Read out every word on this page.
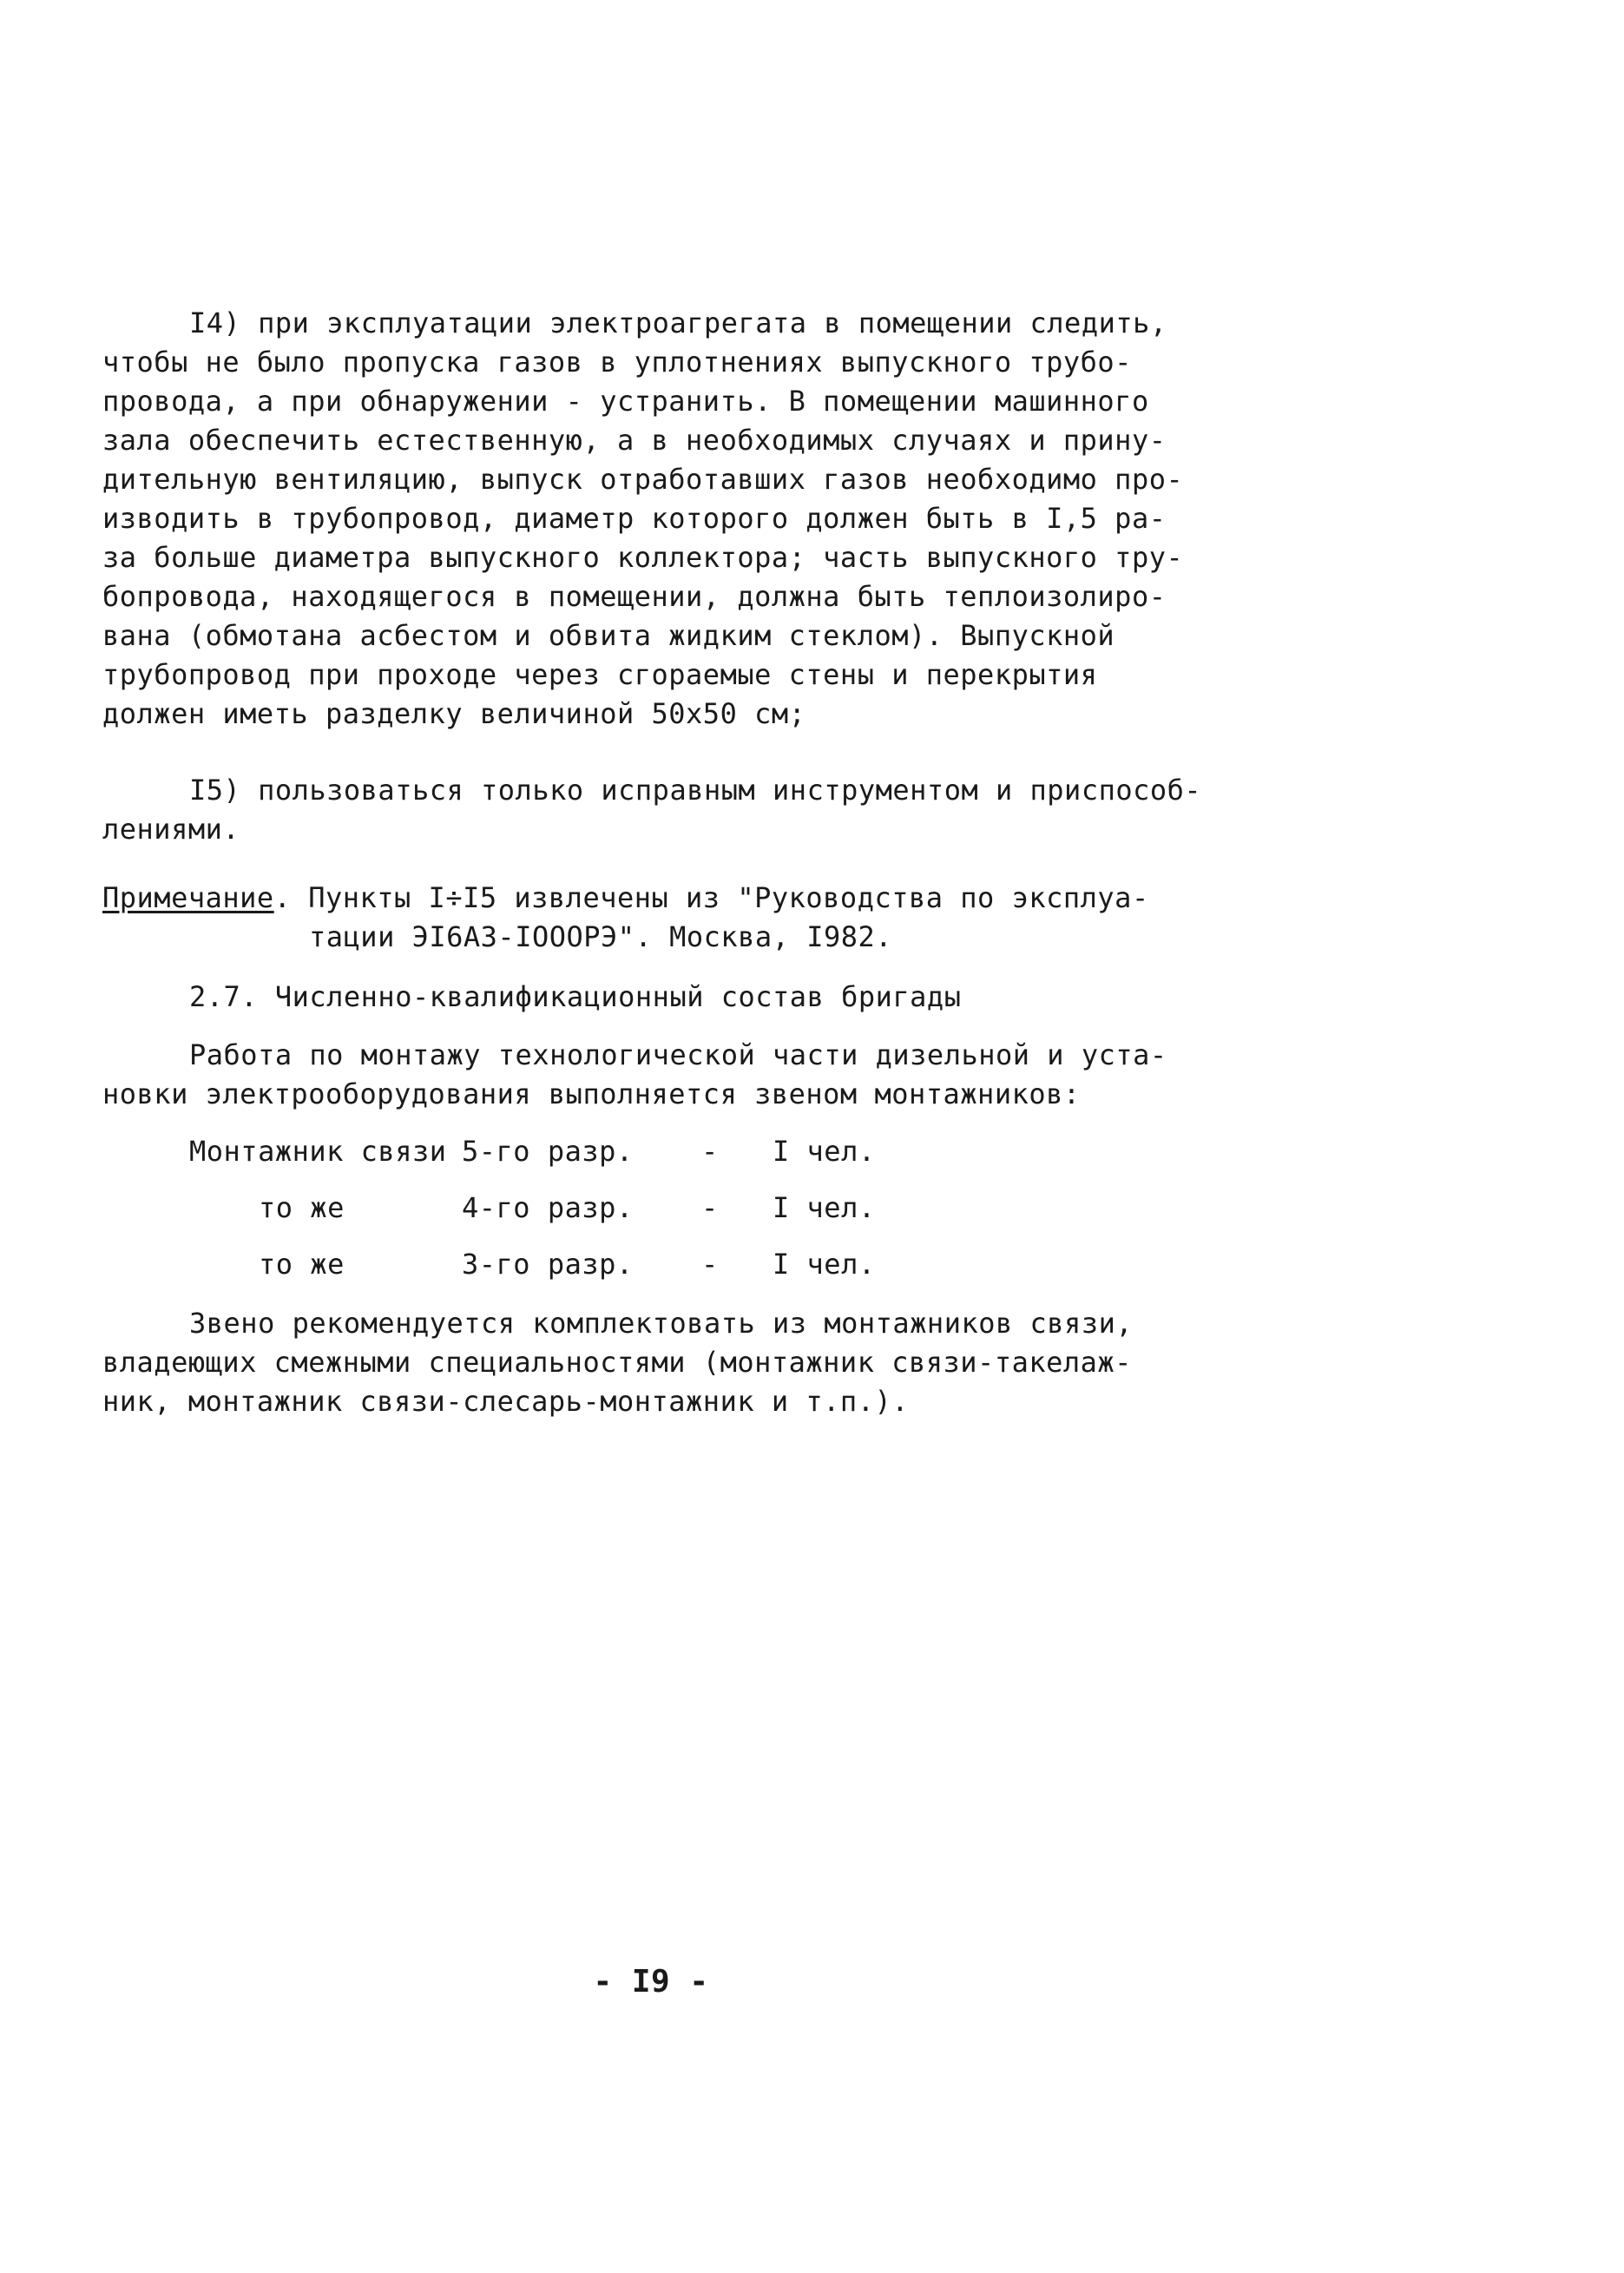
I4) при эксплуатации электроагрегата в помещении следить,
чтобы не было пропуска газов в уплотнениях выпускного трубо-
провода, а при обнаружении - устранить. В помещении машинного
зала обеспечить естественную, а в необходимых случаях и прину-
дительную вентиляцию, выпуск отработавших газов необходимо про-
изводить в трубопровод, диаметр которого должен быть в I,5 ра-
за больше диаметра выпускного коллектора; часть выпускного тру-
бопровода, находящегося в помещении, должна быть теплоизолиро-
вана (обмотана асбестом и обвита жидким стеклом). Выпускной
трубопровод при проходе через сгораемые стены и перекрытия
должен иметь разделку величиной 50x50 см;

I5) пользоваться только исправным инструментом и приспособ-
лениями.

Примечание. Пункты I÷I5 извлечены из "Руководства по эксплуа-
тации ЭI6А3-IOOOРЭ". Москва, I982.
2.7. Численно-квалификационный состав бригады

Работа по монтажу технологической части дизельной и уста-
новки электрооборудования выполняется звеном монтажников:

Монтажник связи 5-го разр. - I чел.
то же	4-го разр. - I чел.
то же	3-го разр. - I чел.

Звено рекомендуется комплектовать из монтажников связи,
владеющих смежными специальностями (монтажник связи-такелаж-
ник, монтажник связи-слесарь-монтажник и т.п.).

- I9 -
